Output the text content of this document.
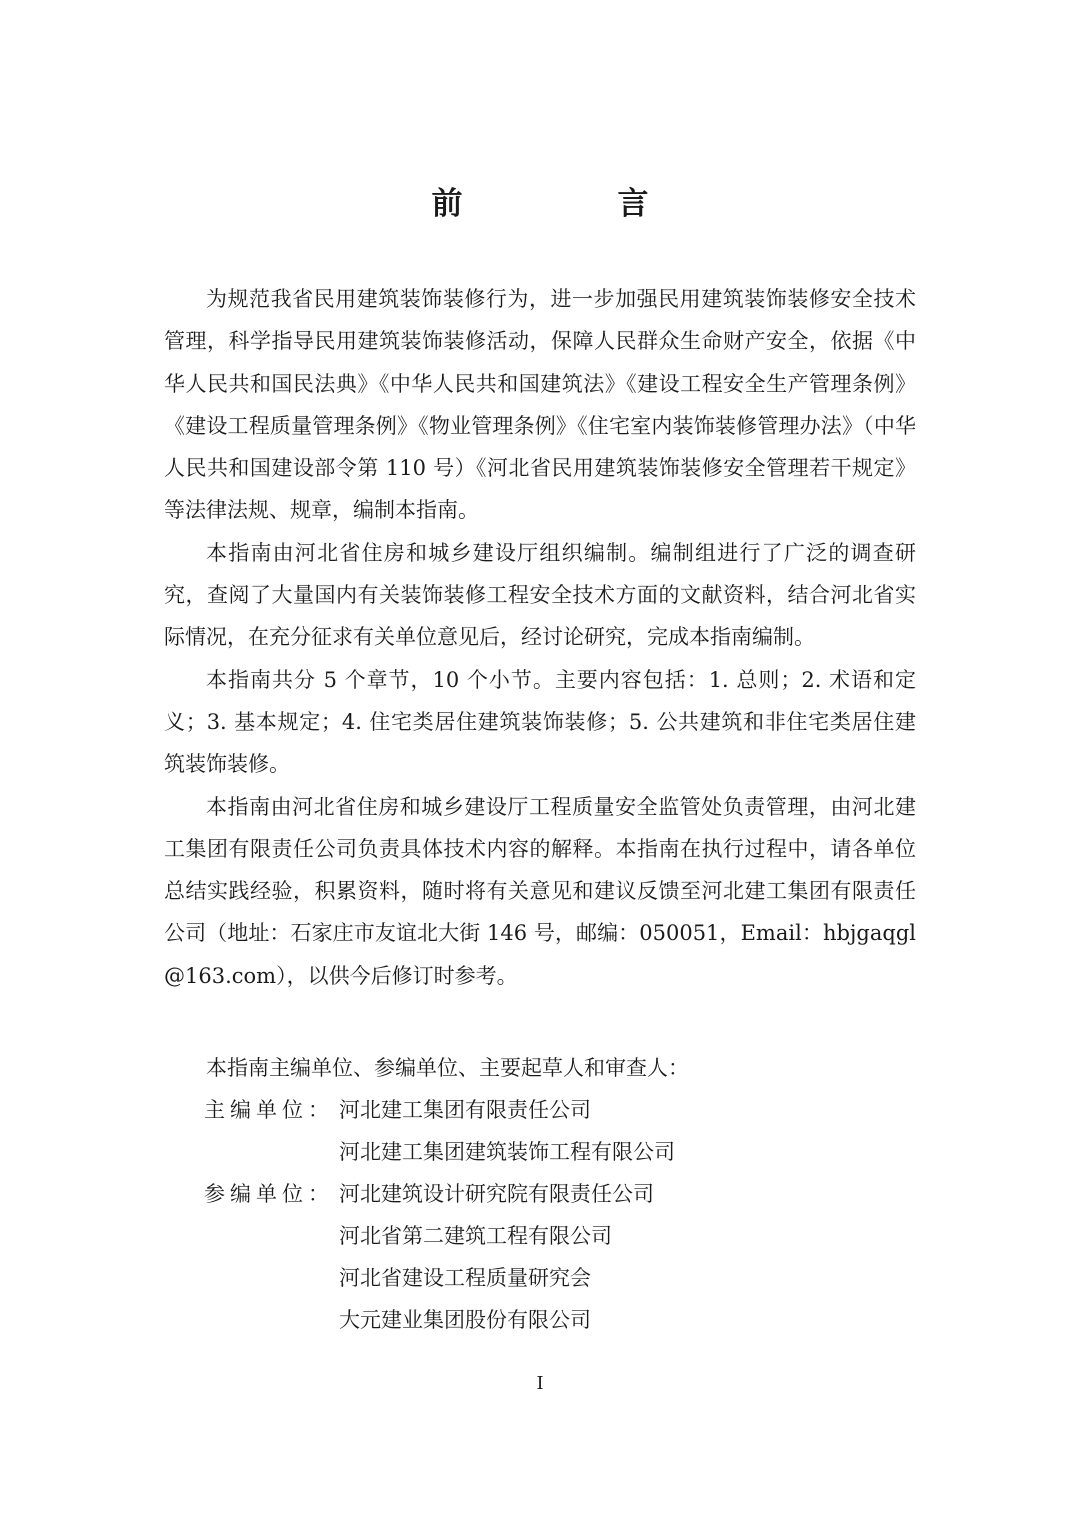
前　言

为规范我省民用建筑装饰装修行为，进一步加强民用建筑装饰装修安全技术管理，科学指导民用建筑装饰装修活动，保障人民群众生命财产安全，依据《中华人民共和国民法典》《中华人民共和国建筑法》《建设工程安全生产管理条例》《建设工程质量管理条例》《物业管理条例》《住宅室内装饰装修管理办法》（中华人民共和国建设部令第 110 号）《河北省民用建筑装饰装修安全管理若干规定》等法律法规、规章，编制本指南。

本指南由河北省住房和城乡建设厅组织编制。编制组进行了广泛的调查研究，查阅了大量国内有关装饰装修工程安全技术方面的文献资料，结合河北省实际情况，在充分征求有关单位意见后，经讨论研究，完成本指南编制。

本指南共分 5 个章节，10 个小节。主要内容包括：1. 总则；2. 术语和定义；3. 基本规定；4. 住宅类居住建筑装饰装修；5. 公共建筑和非住宅类居住建筑装饰装修。

本指南由河北省住房和城乡建设厅工程质量安全监管处负责管理，由河北建工集团有限责任公司负责具体技术内容的解释。本指南在执行过程中，请各单位总结实践经验，积累资料，随时将有关意见和建议反馈至河北建工集团有限责任公司（地址：石家庄市友谊北大街 146 号，邮编：050051，Email：hbjgaqgl@163.com），以供今后修订时参考。

本指南主编单位、参编单位、主要起草人和审查人：
主编单位： 河北建工集团有限责任公司
河北建工集团建筑装饰工程有限公司
参编单位： 河北建筑设计研究院有限责任公司
河北省第二建筑工程有限公司
河北省建设工程质量研究会
大元建业集团股份有限公司
I
